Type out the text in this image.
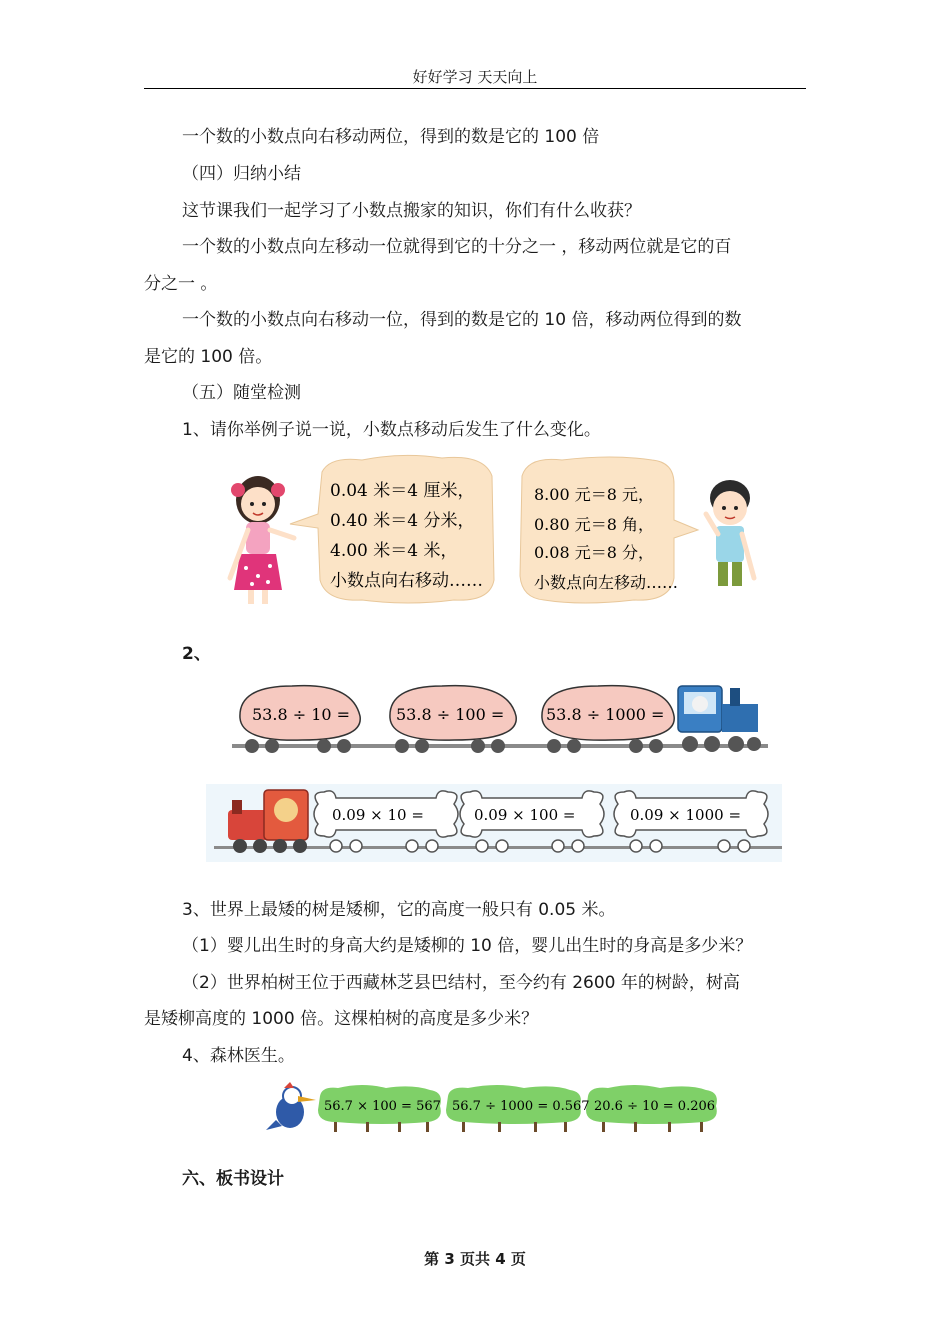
好好学习 天天向上
一个数的小数点向右移动两位，得到的数是它的 100 倍
（四）归纳小结
这节课我们一起学习了小数点搬家的知识，你们有什么收获？
一个数的小数点向左移动一位就得到它的十分之一 ，移动两位就是它的百
分之一 。
一个数的小数点向右移动一位，得到的数是它的 10 倍，移动两位得到的数
是它的 100 倍。
（五）随堂检测
1、请你举例子说一说，小数点移动后发生了什么变化。
0.04 米＝4 厘米，
0.40 米＝4 分米，
4.00 米＝4 米，
小数点向右移动……
8.00 元＝8 元，
0.80 元＝8 角，
0.08 元＝8 分，
小数点向左移动……
2、
53.8 ÷ 10 =	53.8 ÷ 100 =	53.8 ÷ 1000 =
0.09 × 10 =	0.09 × 100 =	0.09 × 1000 =
3、世界上最矮的树是矮柳，它的高度一般只有 0.05 米。
（1）婴儿出生时的身高大约是矮柳的 10 倍，婴儿出生时的身高是多少米？
（2）世界柏树王位于西藏林芝县巴结村，至今约有 2600 年的树龄，树高
是矮柳高度的 1000 倍。这棵柏树的高度是多少米？
4、森林医生。
56.7 × 100 = 567 56.7 ÷ 1000 = 0.567 20.6 ÷ 10 = 0.206
六、板书设计
第 3 页共 4 页
